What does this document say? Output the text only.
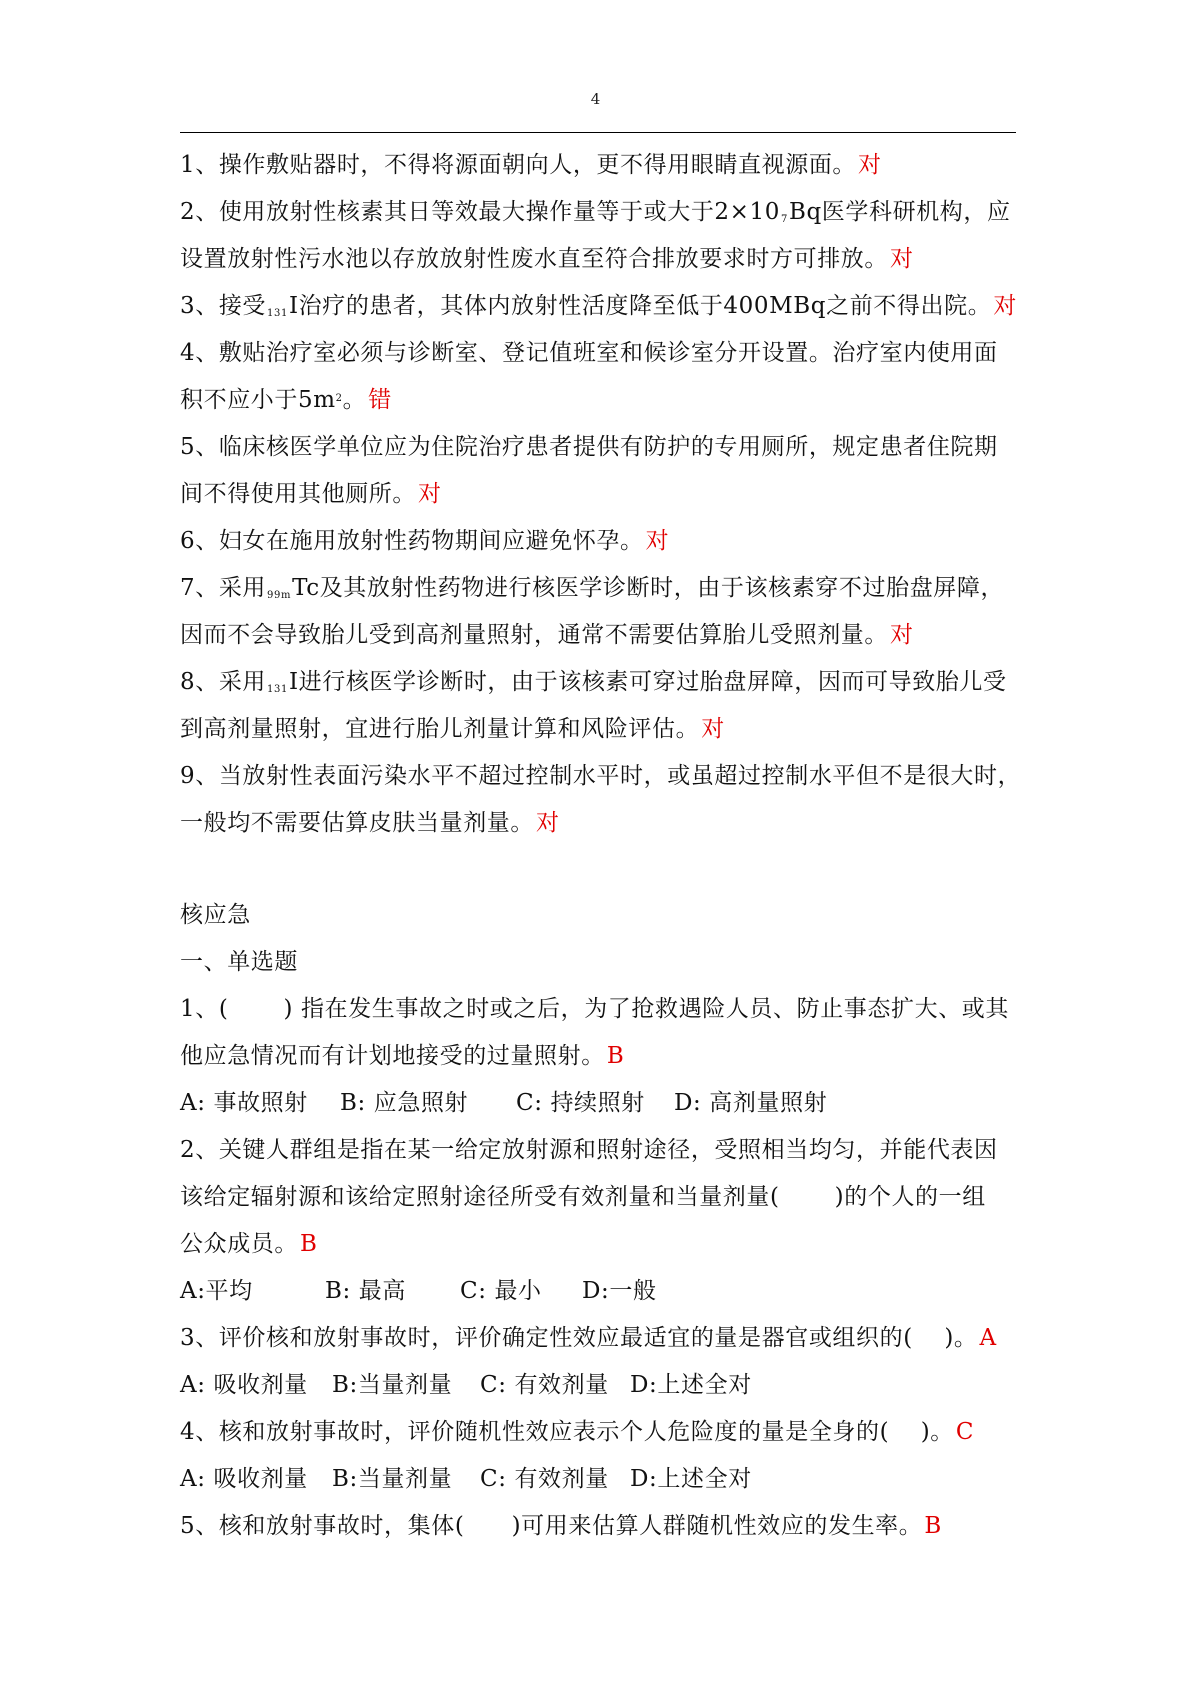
4
1、操作敷贴器时，不得将源面朝向人，更不得用眼睛直视源面。对
2、使用放射性核素其日等效最大操作量等于或大于$2\times 10^7Bq$医学科研机构，应
设置放射性污水池以存放放射性废水直至符合排放要求时方可排放。对
3、接受$^{131}$I治疗的患者，其体内放射性活度降至低于400MBq之前不得出院。对
4、敷贴治疗室必须与诊断室、登记值班室和候诊室分开设置。治疗室内使用面
积不应小于$5m^2$。错
5、临床核医学单位应为住院治疗患者提供有防护的专用厕所，规定患者住院期
间不得使用其他厕所。对
6、妇女在施用放射性药物期间应避免怀孕。对
7、采用$^{99m}$Tc及其放射性药物进行核医学诊断时，由于该核素穿不过胎盘屏障，
因而不会导致胎儿受到高剂量照射，通常不需要估算胎儿受照剂量。对
8、采用$^{131}$I进行核医学诊断时，由于该核素可穿过胎盘屏障，因而可导致胎儿受
到高剂量照射，宜进行胎儿剂量计算和风险评估。对
9、当放射性表面污染水平不超过控制水平时，或虽超过控制水平但不是很大时，
一般均不需要估算皮肤当量剂量。对
核应急
一、单选题
1、(　　 ) 指在发生事故之时或之后，为了抢救遇险人员、防止事态扩大、或其
他应急情况而有计划地接受的过量照射。B
A: 事故照射 B: 应急照射 C: 持续照射 D: 高剂量照射
2、关键人群组是指在某一给定放射源和照射途径，受照相当均匀，并能代表因
该给定辐射源和该给定照射途径所受有效剂量和当量剂量(　　 )的个人的一组
公众成员。B
A:平均	B: 最高 C: 最小 D:一般
3、评价核和放射事故时，评价确定性效应最适宜的量是器官或组织的(　 )。A
A: 吸收剂量 B:当量剂量 C: 有效剂量 D:上述全对
4、核和放射事故时，评价随机性效应表示个人危险度的量是全身的(　 )。C
A: 吸收剂量 B:当量剂量 C: 有效剂量 D:上述全对
5、核和放射事故时，集体(　　)可用来估算人群随机性效应的发生率。B
